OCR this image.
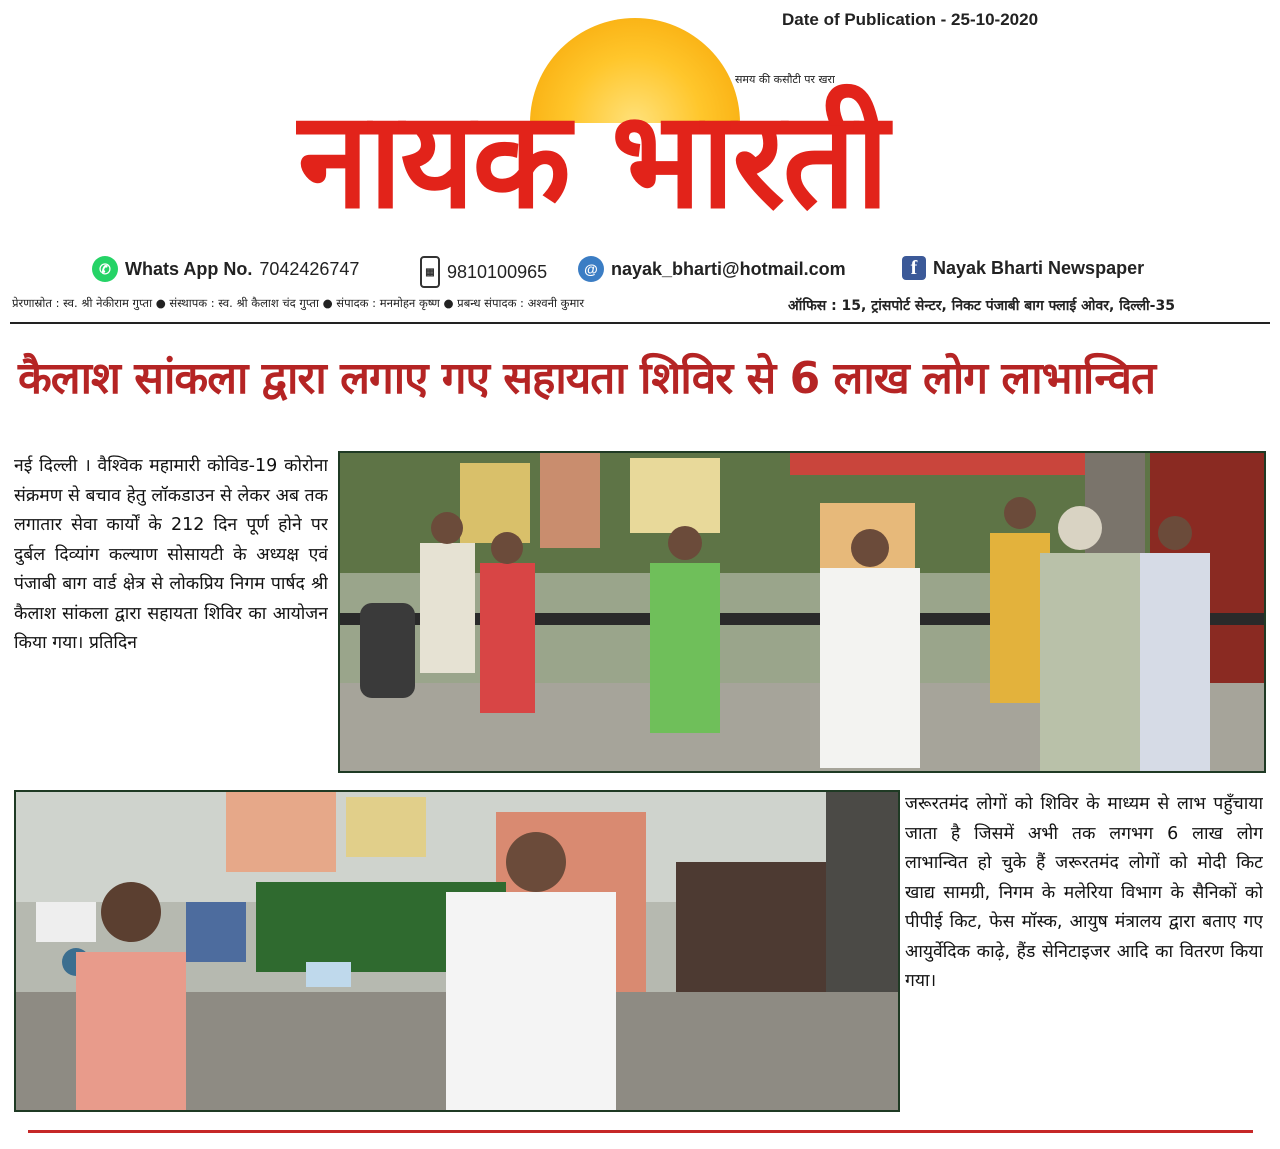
Date of Publication - 25-10-2020
समय की कसौटी पर खरा
नायक भारती
✆ Whats App No. 7042426747	▦ 9810100965	@ nayak_bharti@hotmail.com	f Nayak Bharti Newspaper
प्रेरणास्रोत : स्व. श्री नेकीराम गुप्ता ● संस्थापक : स्व. श्री कैलाश चंद गुप्ता ● संपादक : मनमोहन कृष्ण ● प्रबन्ध संपादक : अश्वनी कुमार	ऑफिस : 15, ट्रांसपोर्ट सेन्टर, निकट पंजाबी बाग फ्लाई ओवर, दिल्ली-35
कैलाश सांकला द्वारा लगाए गए सहायता शिविर से 6 लाख लोग लाभान्वित
नई दिल्ली । वैश्विक महामारी कोविड-19 कोरोना संक्रमण से बचाव हेतु लॉकडाउन से लेकर अब तक लगातार सेवा कार्यों के 212 दिन पूर्ण होने पर दुर्बल दिव्यांग कल्याण सोसायटी के अध्यक्ष एवं पंजाबी बाग वार्ड क्षेत्र से लोकप्रिय निगम पार्षद श्री कैलाश सांकला द्वारा सहायता शिविर का आयोजन किया गया। प्रतिदिन
जरूरतमंद लोगों को शिविर के माध्यम से लाभ पहुँचाया जाता है जिसमें अभी तक लगभग 6 लाख लोग लाभान्वित हो चुके हैं जरूरतमंद लोगों को मोदी किट खाद्य सामग्री, निगम के मलेरिया विभाग के सैनिकों को पीपीई किट, फेस मॉस्क, आयुष मंत्रालय द्वारा बताए गए आयुर्वेदिक काढ़े, हैंड सेनिटाइजर आदि का वितरण किया गया।
